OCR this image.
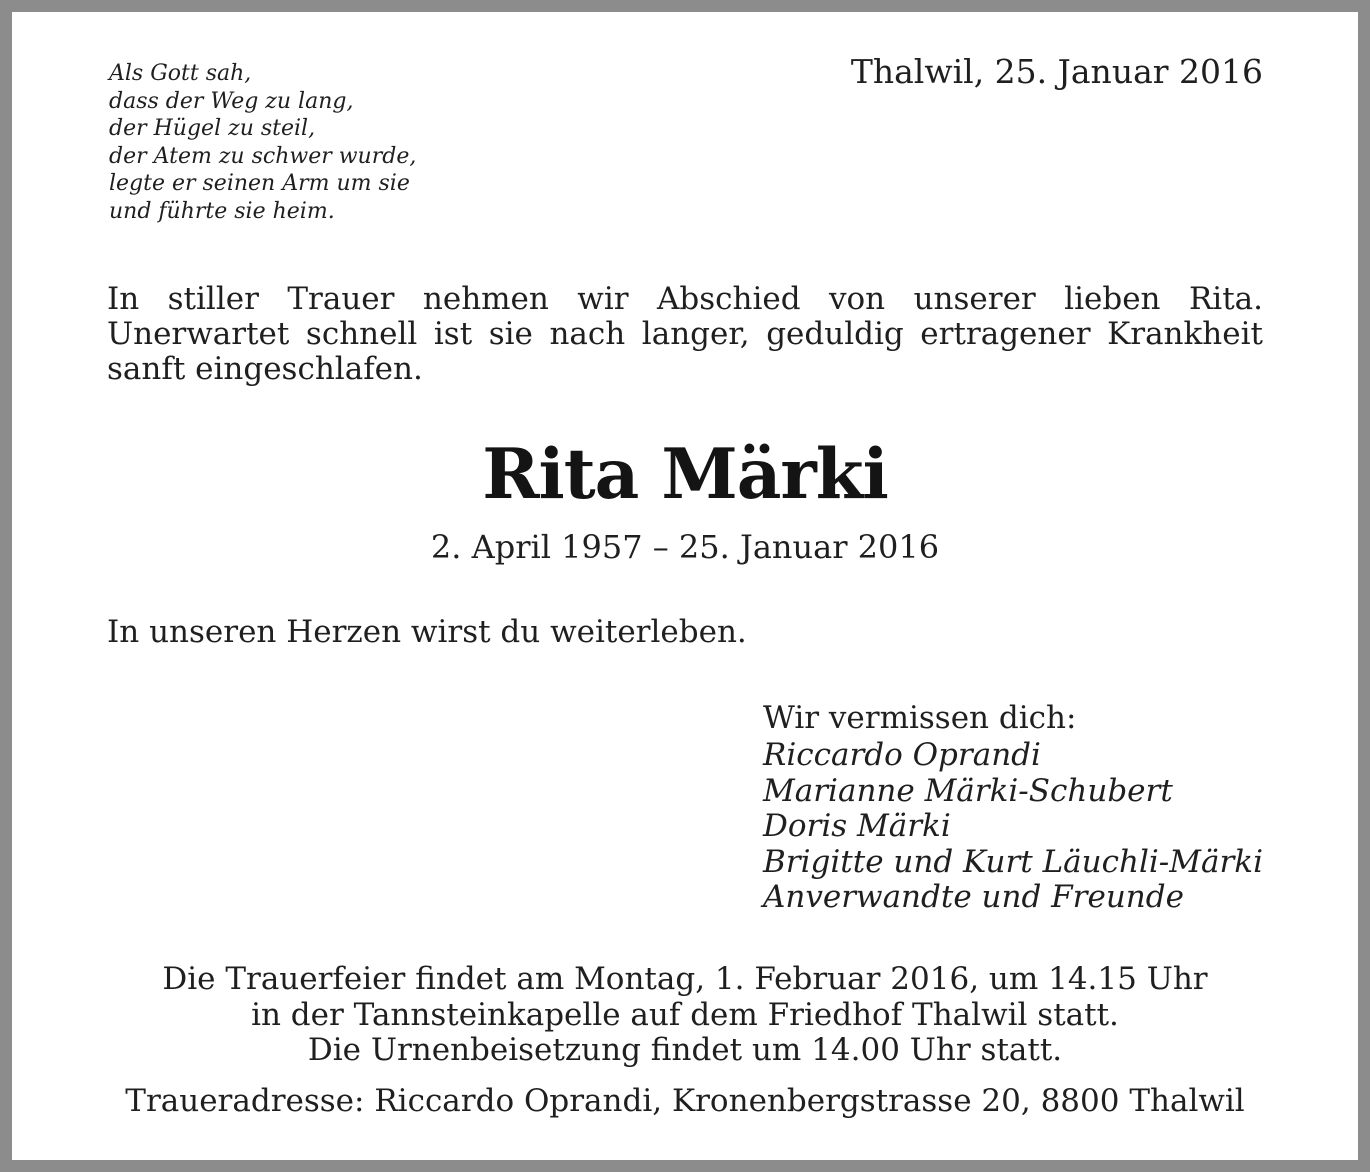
Als Gott sah,
dass der Weg zu lang,
der Hügel zu steil,
der Atem zu schwer wurde,
legte er seinen Arm um sie
und führte sie heim.
Thalwil, 25. Januar 2016

In stiller Trauer nehmen wir Abschied von unserer lieben Rita. Unerwartet schnell ist sie nach langer, geduldig ertragener Krankheit sanft eingeschlafen.

Rita Märki
2. April 1957 – 25. Januar 2016
In unseren Herzen wirst du weiterleben.
Wir vermissen dich:
Riccardo Oprandi
Marianne Märki-Schubert
Doris Märki
Brigitte und Kurt Läuchli-Märki
Anverwandte und Freunde
Die Trauerfeier findet am Montag, 1. Februar 2016, um 14.15 Uhr
in der Tannsteinkapelle auf dem Friedhof Thalwil statt.
Die Urnenbeisetzung findet um 14.00 Uhr statt.
Traueradresse: Riccardo Oprandi, Kronenbergstrasse 20, 8800 Thalwil
